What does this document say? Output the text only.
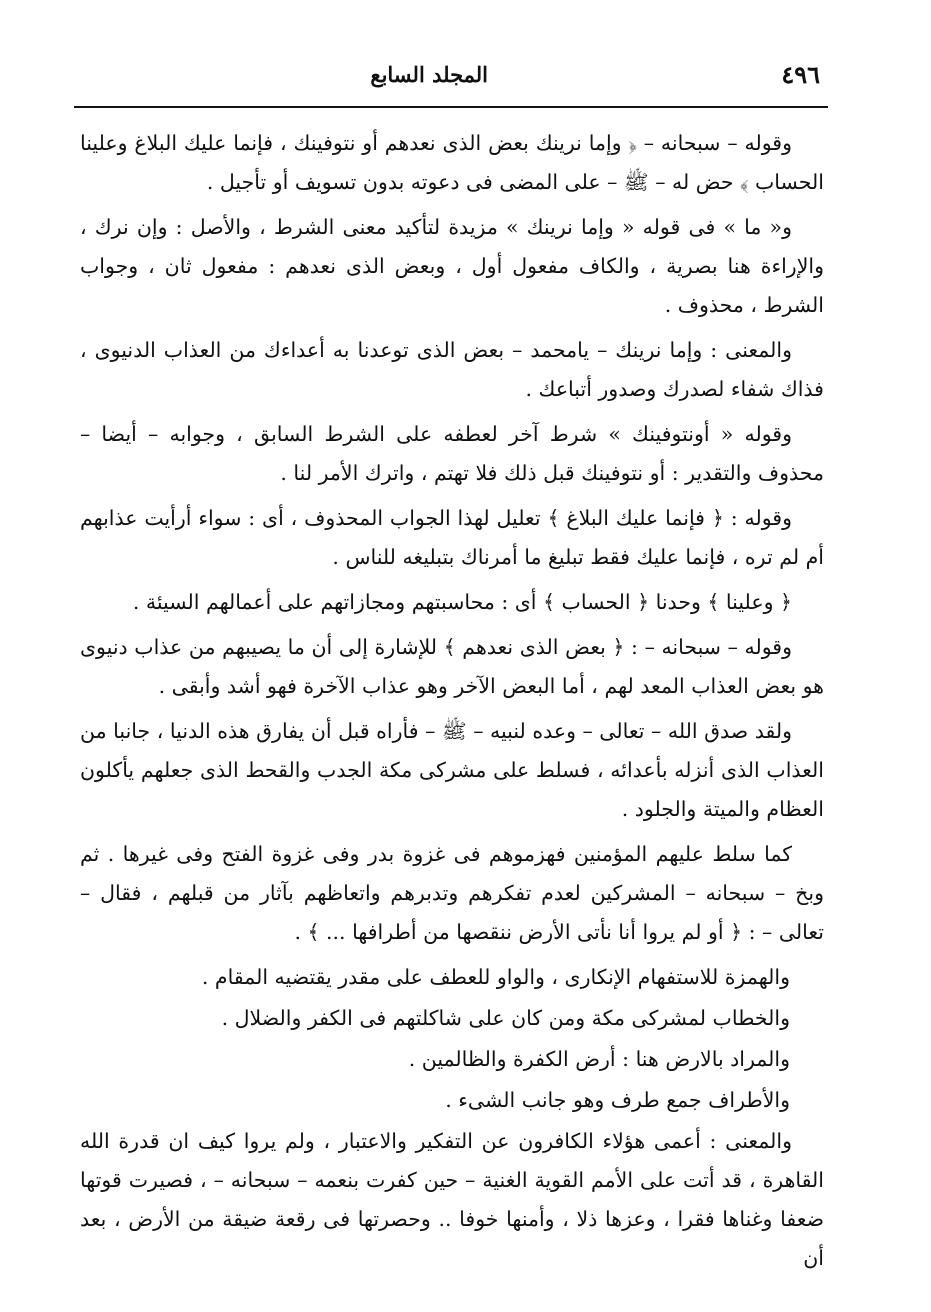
٤٩٦
المجلد السابع

وقوله – سبحانه – ﴿ وإما نرينك بعض الذى نعدهم أو نتوفينك ، فإنما عليك البلاغ وعلينا الحساب ﴾ حض له – ﷺ – على المضى فى دعوته بدون تسويف أو تأجيل .

و« ما » فى قوله « وإما نرينك » مزيدة لتأكيد معنى الشرط ، والأصل : وإن نرك ، والإراءة هنا بصرية ، والكاف مفعول أول ، وبعض الذى نعدهم : مفعول ثان ، وجواب الشرط ، محذوف .

والمعنى : وإما نرينك – يامحمد – بعض الذى توعدنا به أعداءك من العذاب الدنيوى ، فذاك شفاء لصدرك وصدور أتباعك .

وقوله « أونتوفينك » شرط آخر لعطفه على الشرط السابق ، وجوابه – أيضا – محذوف والتقدير : أو نتوفينك قبل ذلك فلا تهتم ، واترك الأمر لنا .

وقوله : ﴿ فإنما عليك البلاغ ﴾ تعليل لهذا الجواب المحذوف ، أى : سواء أرأيت عذابهم أم لم تره ، فإنما عليك فقط تبليغ ما أمرناك بتبليغه للناس .

﴿ وعلينا ﴾ وحدنا ﴿ الحساب ﴾ أى : محاسبتهم ومجازاتهم على أعمالهم السيئة .

وقوله – سبحانه – : ﴿ بعض الذى نعدهم ﴾ للإشارة إلى أن ما يصيبهم من عذاب دنيوى هو بعض العذاب المعد لهم ، أما البعض الآخر وهو عذاب الآخرة فهو أشد وأبقى .

ولقد صدق الله – تعالى – وعده لنبيه – ﷺ – فأراه قبل أن يفارق هذه الدنيا ، جانبا من العذاب الذى أنزله بأعدائه ، فسلط على مشركى مكة الجدب والقحط الذى جعلهم يأكلون العظام والميتة والجلود .

كما سلط عليهم المؤمنين فهزموهم فى غزوة بدر وفى غزوة الفتح وفى غيرها . ثم وبخ – سبحانه – المشركين لعدم تفكرهم وتدبرهم واتعاظهم بآثار من قبلهم ، فقال – تعالى – : ﴿ أو لم يروا أنا نأتى الأرض ننقصها من أطرافها ... ﴾ .

والهمزة للاستفهام الإنكارى ، والواو للعطف على مقدر يقتضيه المقام .

والخطاب لمشركى مكة ومن كان على شاكلتهم فى الكفر والضلال .

والمراد بالارض هنا : أرض الكفرة والظالمين .

والأطراف جمع طرف وهو جانب الشىء .

والمعنى : أعمى هؤلاء الكافرون عن التفكير والاعتبار ، ولم يروا كيف ان قدرة الله القاهرة ، قد أتت على الأمم القوية الغنية – حين كفرت بنعمه – سبحانه – ، فصيرت قوتها ضعفا وغناها فقرا ، وعزها ذلا ، وأمنها خوفا .. وحصرتها فى رقعة ضيقة من الأرض ، بعد أن
